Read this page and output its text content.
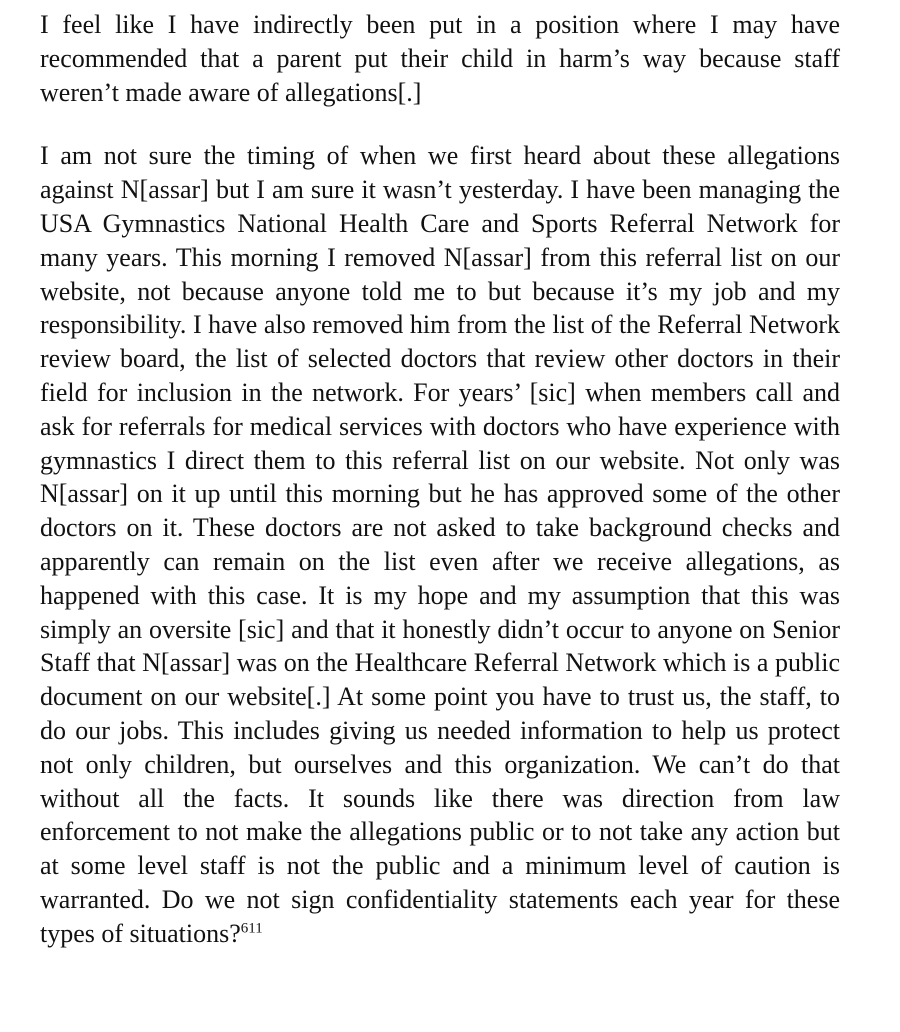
I feel like I have indirectly been put in a position where I may have recommended that a parent put their child in harm’s way because staff weren’t made aware of allegations[.]

I am not sure the timing of when we first heard about these allegations against N[assar] but I am sure it wasn’t yesterday. I have been managing the USA Gymnastics National Health Care and Sports Referral Network for many years. This morning I removed N[assar] from this referral list on our website, not because anyone told me to but because it’s my job and my responsibility. I have also removed him from the list of the Referral Network review board, the list of selected doctors that review other doctors in their field for inclusion in the network. For years’ [sic] when members call and ask for referrals for medical services with doctors who have experience with gymnastics I direct them to this referral list on our website. Not only was N[assar] on it up until this morning but he has approved some of the other doctors on it. These doctors are not asked to take background checks and apparently can remain on the list even after we receive allegations, as happened with this case. It is my hope and my assumption that this was simply an oversite [sic] and that it honestly didn’t occur to anyone on Senior Staff that N[assar] was on the Healthcare Referral Network which is a public document on our website[.] At some point you have to trust us, the staff, to do our jobs. This includes giving us needed information to help us protect not only children, but ourselves and this organization. We can’t do that without all the facts. It sounds like there was direction from law enforcement to not make the allegations public or to not take any action but at some level staff is not the public and a minimum level of caution is warranted. Do we not sign confidentiality statements each year for these types of situations?$^{611}$
